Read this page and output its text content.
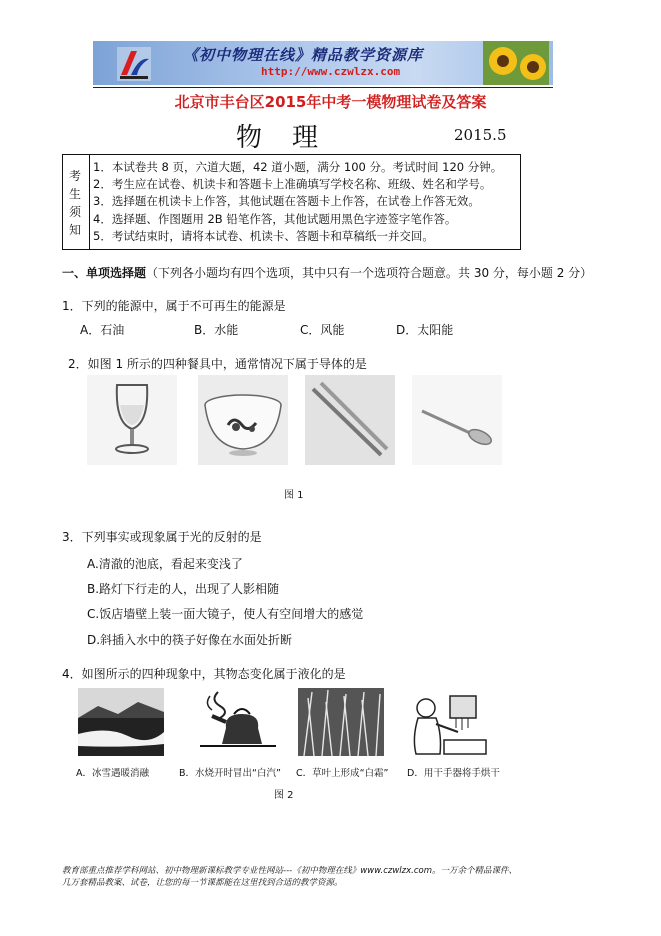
《初中物理在线》精品教学资源库
http://www.czwlzx.com
北京市丰台区2015年中考一模物理试卷及答案
物理	2015.5
考
生
须
知
1．本试卷共 8 页，六道大题，42 道小题，满分 100 分。考试时间 120 分钟。
2．考生应在试卷、机读卡和答题卡上准确填写学校名称、班级、姓名和学号。
3．选择题在机读卡上作答，其他试题在答题卡上作答，在试卷上作答无效。
4．选择题、作图题用 2B 铅笔作答，其他试题用黑色字迹签字笔作答。
5．考试结束时，请将本试卷、机读卡、答题卡和草稿纸一并交回。
一、单项选择题（下列各小题均有四个选项，其中只有一个选项符合题意。共 30 分，每小题 2 分）
1．下列的能源中，属于不可再生的能源是
A．石油	B．水能	C．风能	D．太阳能
2．如图 1 所示的四种餐具中，通常情况下属于导体的是
图 1
3．下列事实或现象属于光的反射的是
A.清澈的池底，看起来变浅了
B.路灯下行走的人，出现了人影相随
C.饭店墙壁上装一面大镜子，使人有空间增大的感觉
D.斜插入水中的筷子好像在水面处折断
4．如图所示的四种现象中，其物态变化属于液化的是
A．冰雪遇暖消融	B．水烧开时冒出“白汽” C．草叶上形成“白霜” D．用干手器将手烘干
图 2
教育部重点推荐学科网站、初中物理新课标教学专业性网站---《初中物理在线》www.czwlzx.com。一万余个精品课件、
几万套精品教案、试卷，让您的每一节课都能在这里找到合适的教学资源。
